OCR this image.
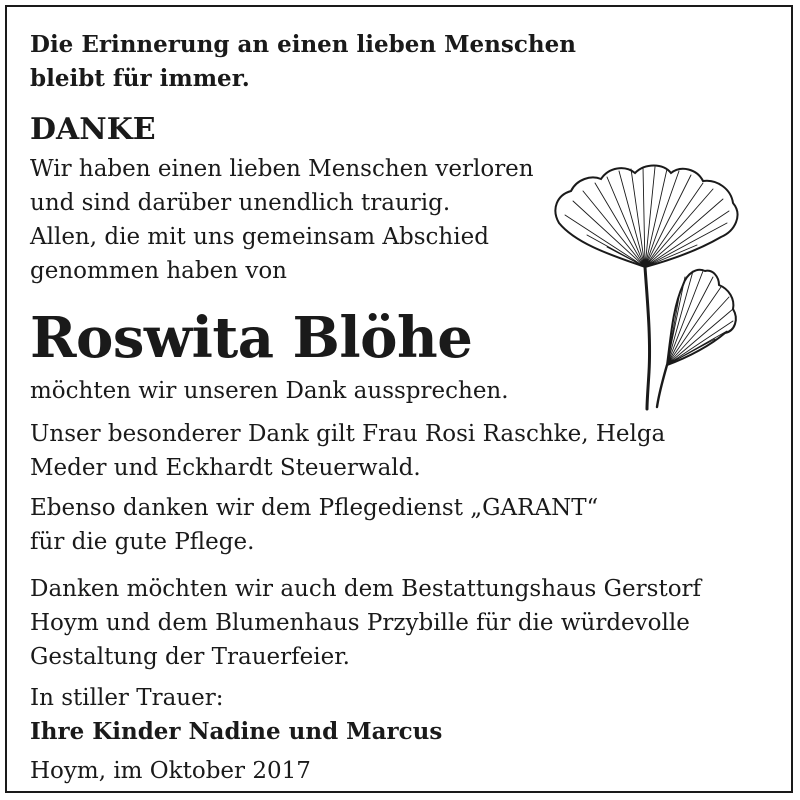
Die Erinnerung an einen lieben Menschen
bleibt für immer.
DANKE
Wir haben einen lieben Menschen verloren
und sind darüber unendlich traurig.
Allen, die mit uns gemeinsam Abschied
genommen haben von
Roswita Blöhe
möchten wir unseren Dank aussprechen.
Unser besonderer Dank gilt Frau Rosi Raschke, Helga
Meder und Eckhardt Steuerwald.
Ebenso danken wir dem Pflegedienst „GARANT“
für die gute Pflege.
Danken möchten wir auch dem Bestattungshaus Gerstorf
Hoym und dem Blumenhaus Przybille für die würdevolle
Gestaltung der Trauerfeier.
In stiller Trauer:
Ihre Kinder Nadine und Marcus
Hoym, im Oktober 2017
